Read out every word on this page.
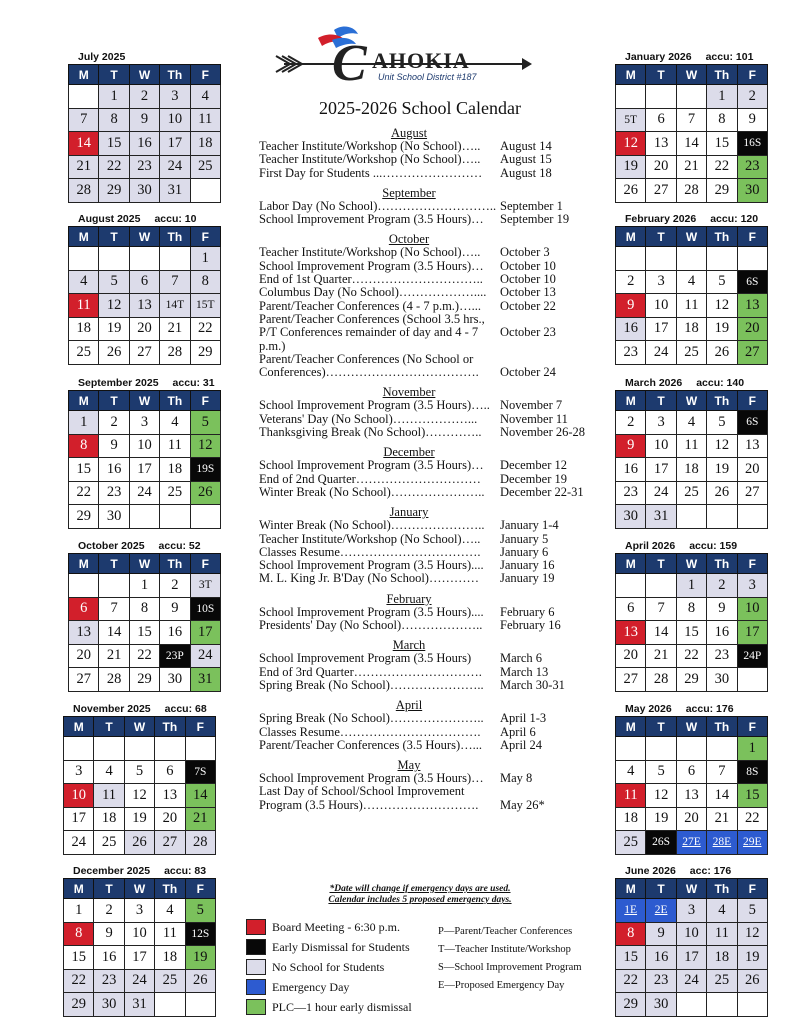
C AHOKIA
Unit School District #187
2025-2026 School Calendar
July 2025
M	T	W	Th	F
	1	2	3	4
7	8	9	10	11
14	15	16	17	18
21	22	23	24	25
28	29	30	31	
August 2025 accu: 10
M	T	W	Th	F
				1
4	5	6	7	8
11	12	13	14T	15T
18	19	20	21	22
25	26	27	28	29
September 2025 accu: 31
M	T	W	Th	F
1	2	3	4	5
8	9	10	11	12
15	16	17	18	19S
22	23	24	25	26
29	30			
October 2025 accu: 52
M	T	W	Th	F
		1	2	3T
6	7	8	9	10S
13	14	15	16	17
20	21	22	23P	24
27	28	29	30	31
November 2025 accu: 68
M	T	W	Th	F

3	4	5	6	7S
10	11	12	13	14
17	18	19	20	21
24	25	26	27	28
December 2025 accu: 83
M	T	W	Th	F
1	2	3	4	5
8	9	10	11	12S
15	16	17	18	19
22	23	24	25	26
29	30	31		
January 2026 accu: 101
M	T	W	Th	F
			1	2
5T	6	7	8	9
12	13	14	15	16S
19	20	21	22	23
26	27	28	29	30
February 2026 accu: 120
M	T	W	Th	F

2	3	4	5	6S
9	10	11	12	13
16	17	18	19	20
23	24	25	26	27
March 2026 accu: 140
M	T	W	Th	F
2	3	4	5	6S
9	10	11	12	13
16	17	18	19	20
23	24	25	26	27
30	31			
April 2026 accu: 159
M	T	W	Th	F
		1	2	3
6	7	8	9	10
13	14	15	16	17
20	21	22	23	24P
27	28	29	30	
May 2026 accu: 176
M	T	W	Th	F
				1
4	5	6	7	8S
11	12	13	14	15
18	19	20	21	22
25	26S	27E	28E	29E
June 2026 acc: 176
M	T	W	Th	F
1E	2E	3	4	5
8	9	10	11	12
15	16	17	18	19
22	23	24	25	26
29	30			
August
Teacher Institute/Workshop (No School)…..	August 14
Teacher Institute/Workshop (No School)…..	August 15
First Day for Students ...……………………	August 18
September
Labor Day (No School)……………………….. September 1
School Improvement Program (3.5 Hours)…	September 19
October
Teacher Institute/Workshop (No School)…..	October 3
School Improvement Program (3.5 Hours)…	October 10
End of 1st Quarter…………………………..	October 10
Columbus Day (No School)………………....	October 13
Parent/Teacher Conferences (4 - 7 p.m.)…...	October 22
Parent/Teacher Conferences (School 3.5 hrs.,
P/T Conferences remainder of day and 4 - 7 p.m.)
October 23
Parent/Teacher Conferences (No School or
Conferences)……………………………….	October 24
November
School Improvement Program (3.5 Hours)….. November 7
Veterans' Day (No School)………………...	November 11
Thanksgiving Break (No School)…………..	November 26-28
December
School Improvement Program (3.5 Hours)…	December 12
End of 2nd Quarter…………………………	December 19
Winter Break (No School)…………………..	December 22-31
January
Winter Break (No School)…………………..	January 1-4
Teacher Institute/Workshop (No School)…..	January 5
Classes Resume…………………………….	January 6
School Improvement Program (3.5 Hours)....	January 16
M. L. King Jr. B'Day (No School)…………	January 19
February
School Improvement Program (3.5 Hours)....	February 6
Presidents' Day (No School)………………..	February 16
March
School Improvement Program (3.5 Hours)	March 6
End of 3rd Quarter………………………….	March 13
Spring Break (No School)…………………..	March 30-31
April
Spring Break (No School)…………………..	April 1-3
Classes Resume…………………………….	April 6
Parent/Teacher Conferences (3.5 Hours)…...	April 24
May
School Improvement Program (3.5 Hours)…	May 8
Last Day of School/School Improvement
Program (3.5 Hours)……………………….	May 26*
*Date will change if emergency days are used.
Calendar includes 5 proposed emergency days.
Board Meeting - 6:30 p.m.
Early Dismissal for Students
No School for Students
Emergency Day
PLC—1 hour early dismissal
P—Parent/Teacher Conferences
T—Teacher Institute/Workshop
S—School Improvement Program
E—Proposed Emergency Day
